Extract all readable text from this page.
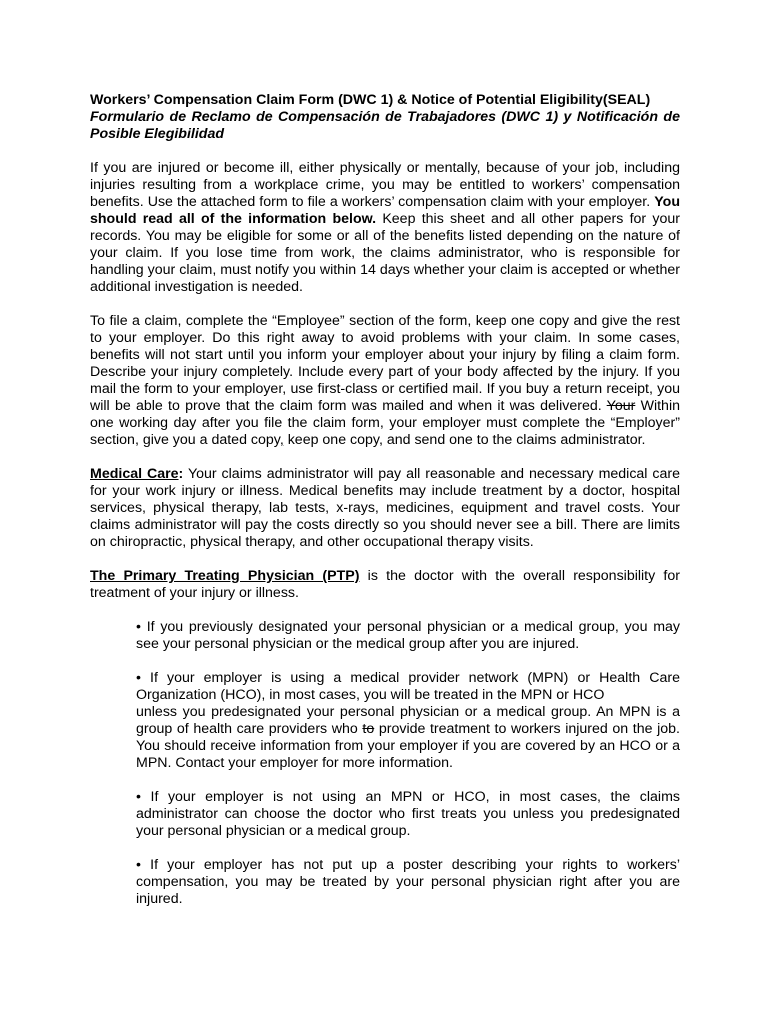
Workers’ Compensation Claim Form (DWC 1) & Notice of Potential Eligibility(SEAL)

Formulario de Reclamo de Compensación de Trabajadores (DWC 1) y Notificación de Posible Elegibilidad

If you are injured or become ill, either physically or mentally, because of your job, including injuries resulting from a workplace crime, you may be entitled to workers’ compensation benefits. Use the attached form to file a workers’ compensation claim with your employer. You should read all of the information below. Keep this sheet and all other papers for your records. You may be eligible for some or all of the benefits listed depending on the nature of your claim. If you lose time from work, the claims administrator, who is responsible for handling your claim, must notify you within 14 days whether your claim is accepted or whether additional investigation is needed.

To file a claim, complete the “Employee” section of the form, keep one copy and give the rest to your employer. Do this right away to avoid problems with your claim. In some cases, benefits will not start until you inform your employer about your injury by filing a claim form. Describe your injury completely. Include every part of your body affected by the injury. If you mail the form to your employer, use first-class or certified mail. If you buy a return receipt, you will be able to prove that the claim form was mailed and when it was delivered. Your Within one working day after you file the claim form, your employer must complete the “Employer” section, give you a dated copy, keep one copy, and send one to the claims administrator.

Medical Care: Your claims administrator will pay all reasonable and necessary medical care for your work injury or illness. Medical benefits may include treatment by a doctor, hospital services, physical therapy, lab tests, x-rays, medicines, equipment and travel costs. Your claims administrator will pay the costs directly so you should never see a bill. There are limits on chiropractic, physical therapy, and other occupational therapy visits.

The Primary Treating Physician (PTP) is the doctor with the overall responsibility for treatment of your injury or illness.

• If you previously designated your personal physician or a medical group, you may see your personal physician or the medical group after you are injured.

• If your employer is using a medical provider network (MPN) or Health Care Organization (HCO), in most cases, you will be treated in the MPN or HCO
unless you predesignated your personal physician or a medical group. An MPN is a group of health care providers who to provide treatment to workers injured on the job. You should receive information from your employer if you are covered by an HCO or a MPN. Contact your employer for more information.

• If your employer is not using an MPN or HCO, in most cases, the claims administrator can choose the doctor who first treats you unless you predesignated your personal physician or a medical group.

• If your employer has not put up a poster describing your rights to workers’ compensation, you may be treated by your personal physician right after you are injured.
